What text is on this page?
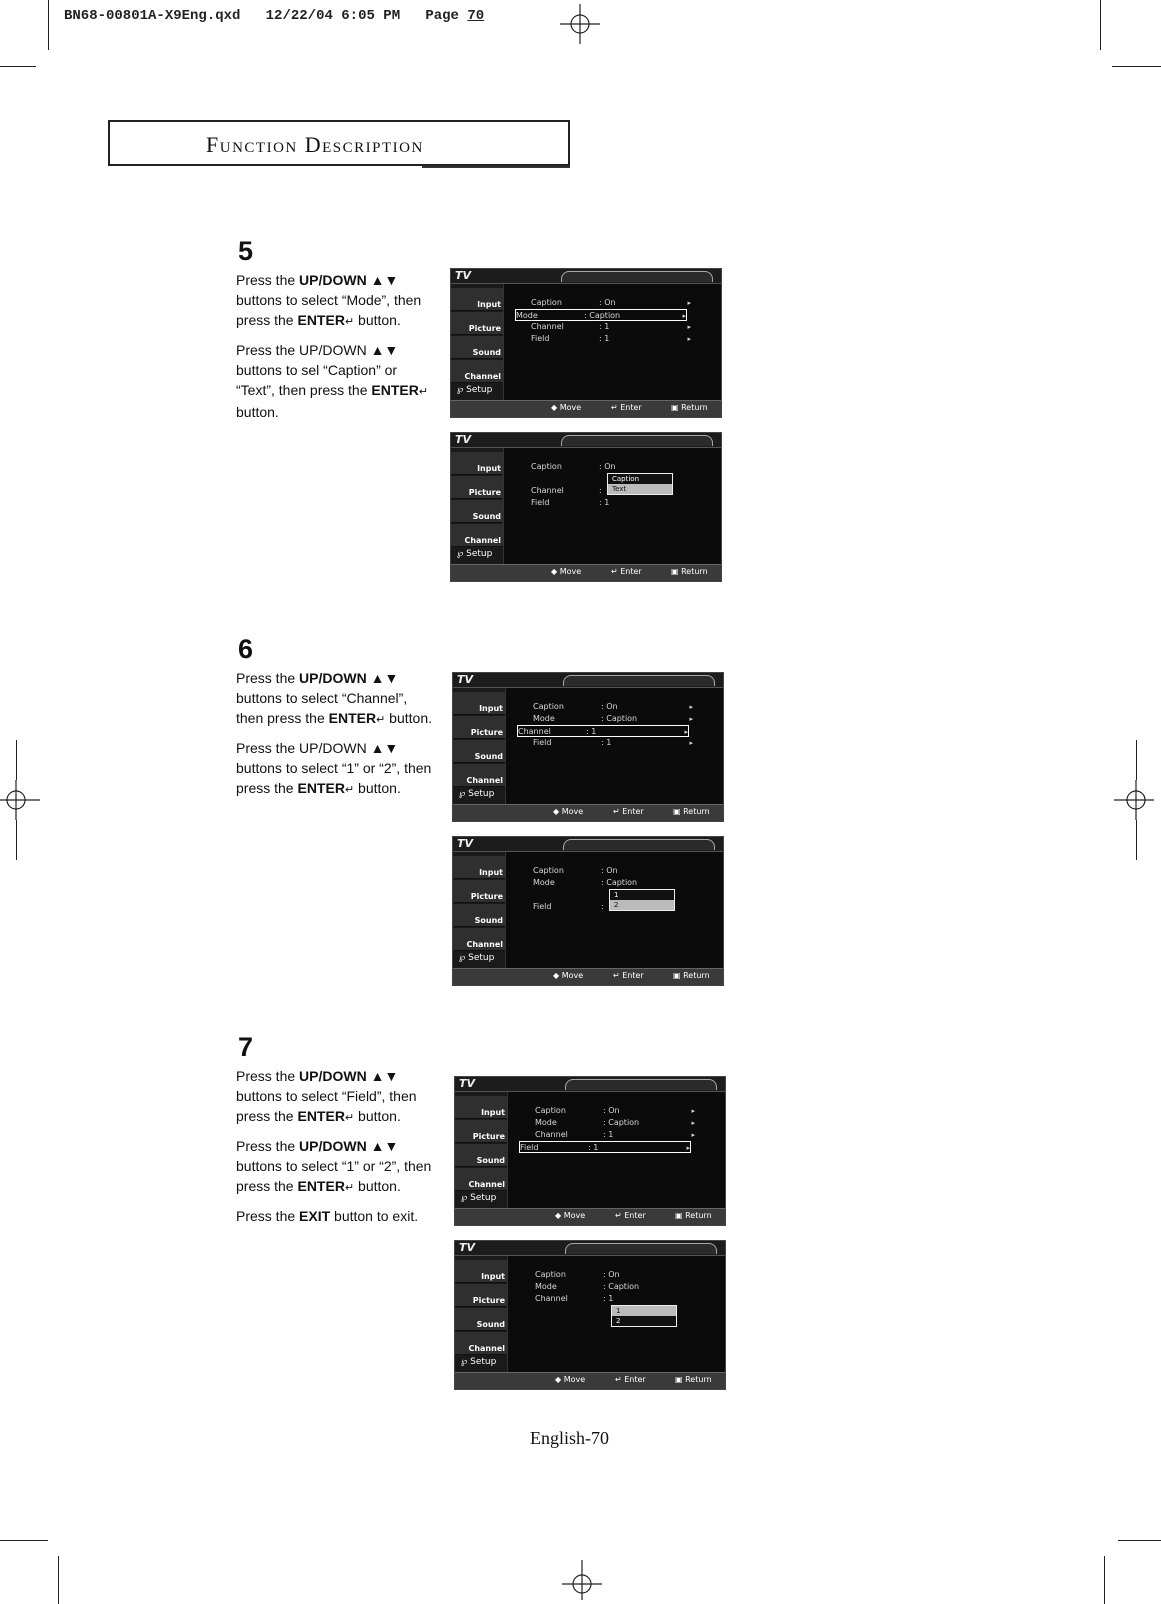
BN68-00801A-X9Eng.qxd 12/22/04 6:05 PM Page 70
Function Description
5

Press the UP/DOWN ▲▼ buttons to select “Mode”, then press the ENTER↵ button.

Press the UP/DOWN ▲▼ buttons to sel “Caption” or “Text”, then press the ENTER↵ button.

6

Press the UP/DOWN ▲▼ buttons to select “Channel”, then press the ENTER↵ button.

Press the UP/DOWN ▲▼ buttons to select “1” or “2”, then press the ENTER↵ button.

7

Press the UP/DOWN ▲▼ buttons to select “Field”, then press the ENTER↵ button.

Press the UP/DOWN ▲▼ buttons to select “1” or “2”, then press the ENTER↵ button.

Press the EXIT button to exit.

TV
Input
Picture
Sound
Channel
℘ Setup
Caption	: On	▸
Mode	: Caption	▸
Channel	: 1	▸
Field	: 1	▸
◆ Move	↵ Enter	▣ Return
TV
Input
Picture
Sound
Channel
℘ Setup
Caption	: On
Channel	:
Field	: 1
Caption
Text
◆ Move	↵ Enter	▣ Return
TV
Input
Picture
Sound
Channel
℘ Setup
Caption	: On	▸
Mode	: Caption	▸
Channel	: 1	▸
Field	: 1	▸
◆ Move	↵ Enter	▣ Return
TV
Input
Picture
Sound
Channel
℘ Setup
Caption	: On
Mode	: Caption
Field	:
1
2
◆ Move	↵ Enter	▣ Return
TV
Input
Picture
Sound
Channel
℘ Setup
Caption	: On	▸
Mode	: Caption	▸
Channel	: 1	▸
Field	: 1	▸
◆ Move	↵ Enter	▣ Return
TV
Input
Picture
Sound
Channel
℘ Setup
Caption	: On
Mode	: Caption
Channel	: 1
1
2
◆ Move	↵ Enter	▣ Return
English-70
